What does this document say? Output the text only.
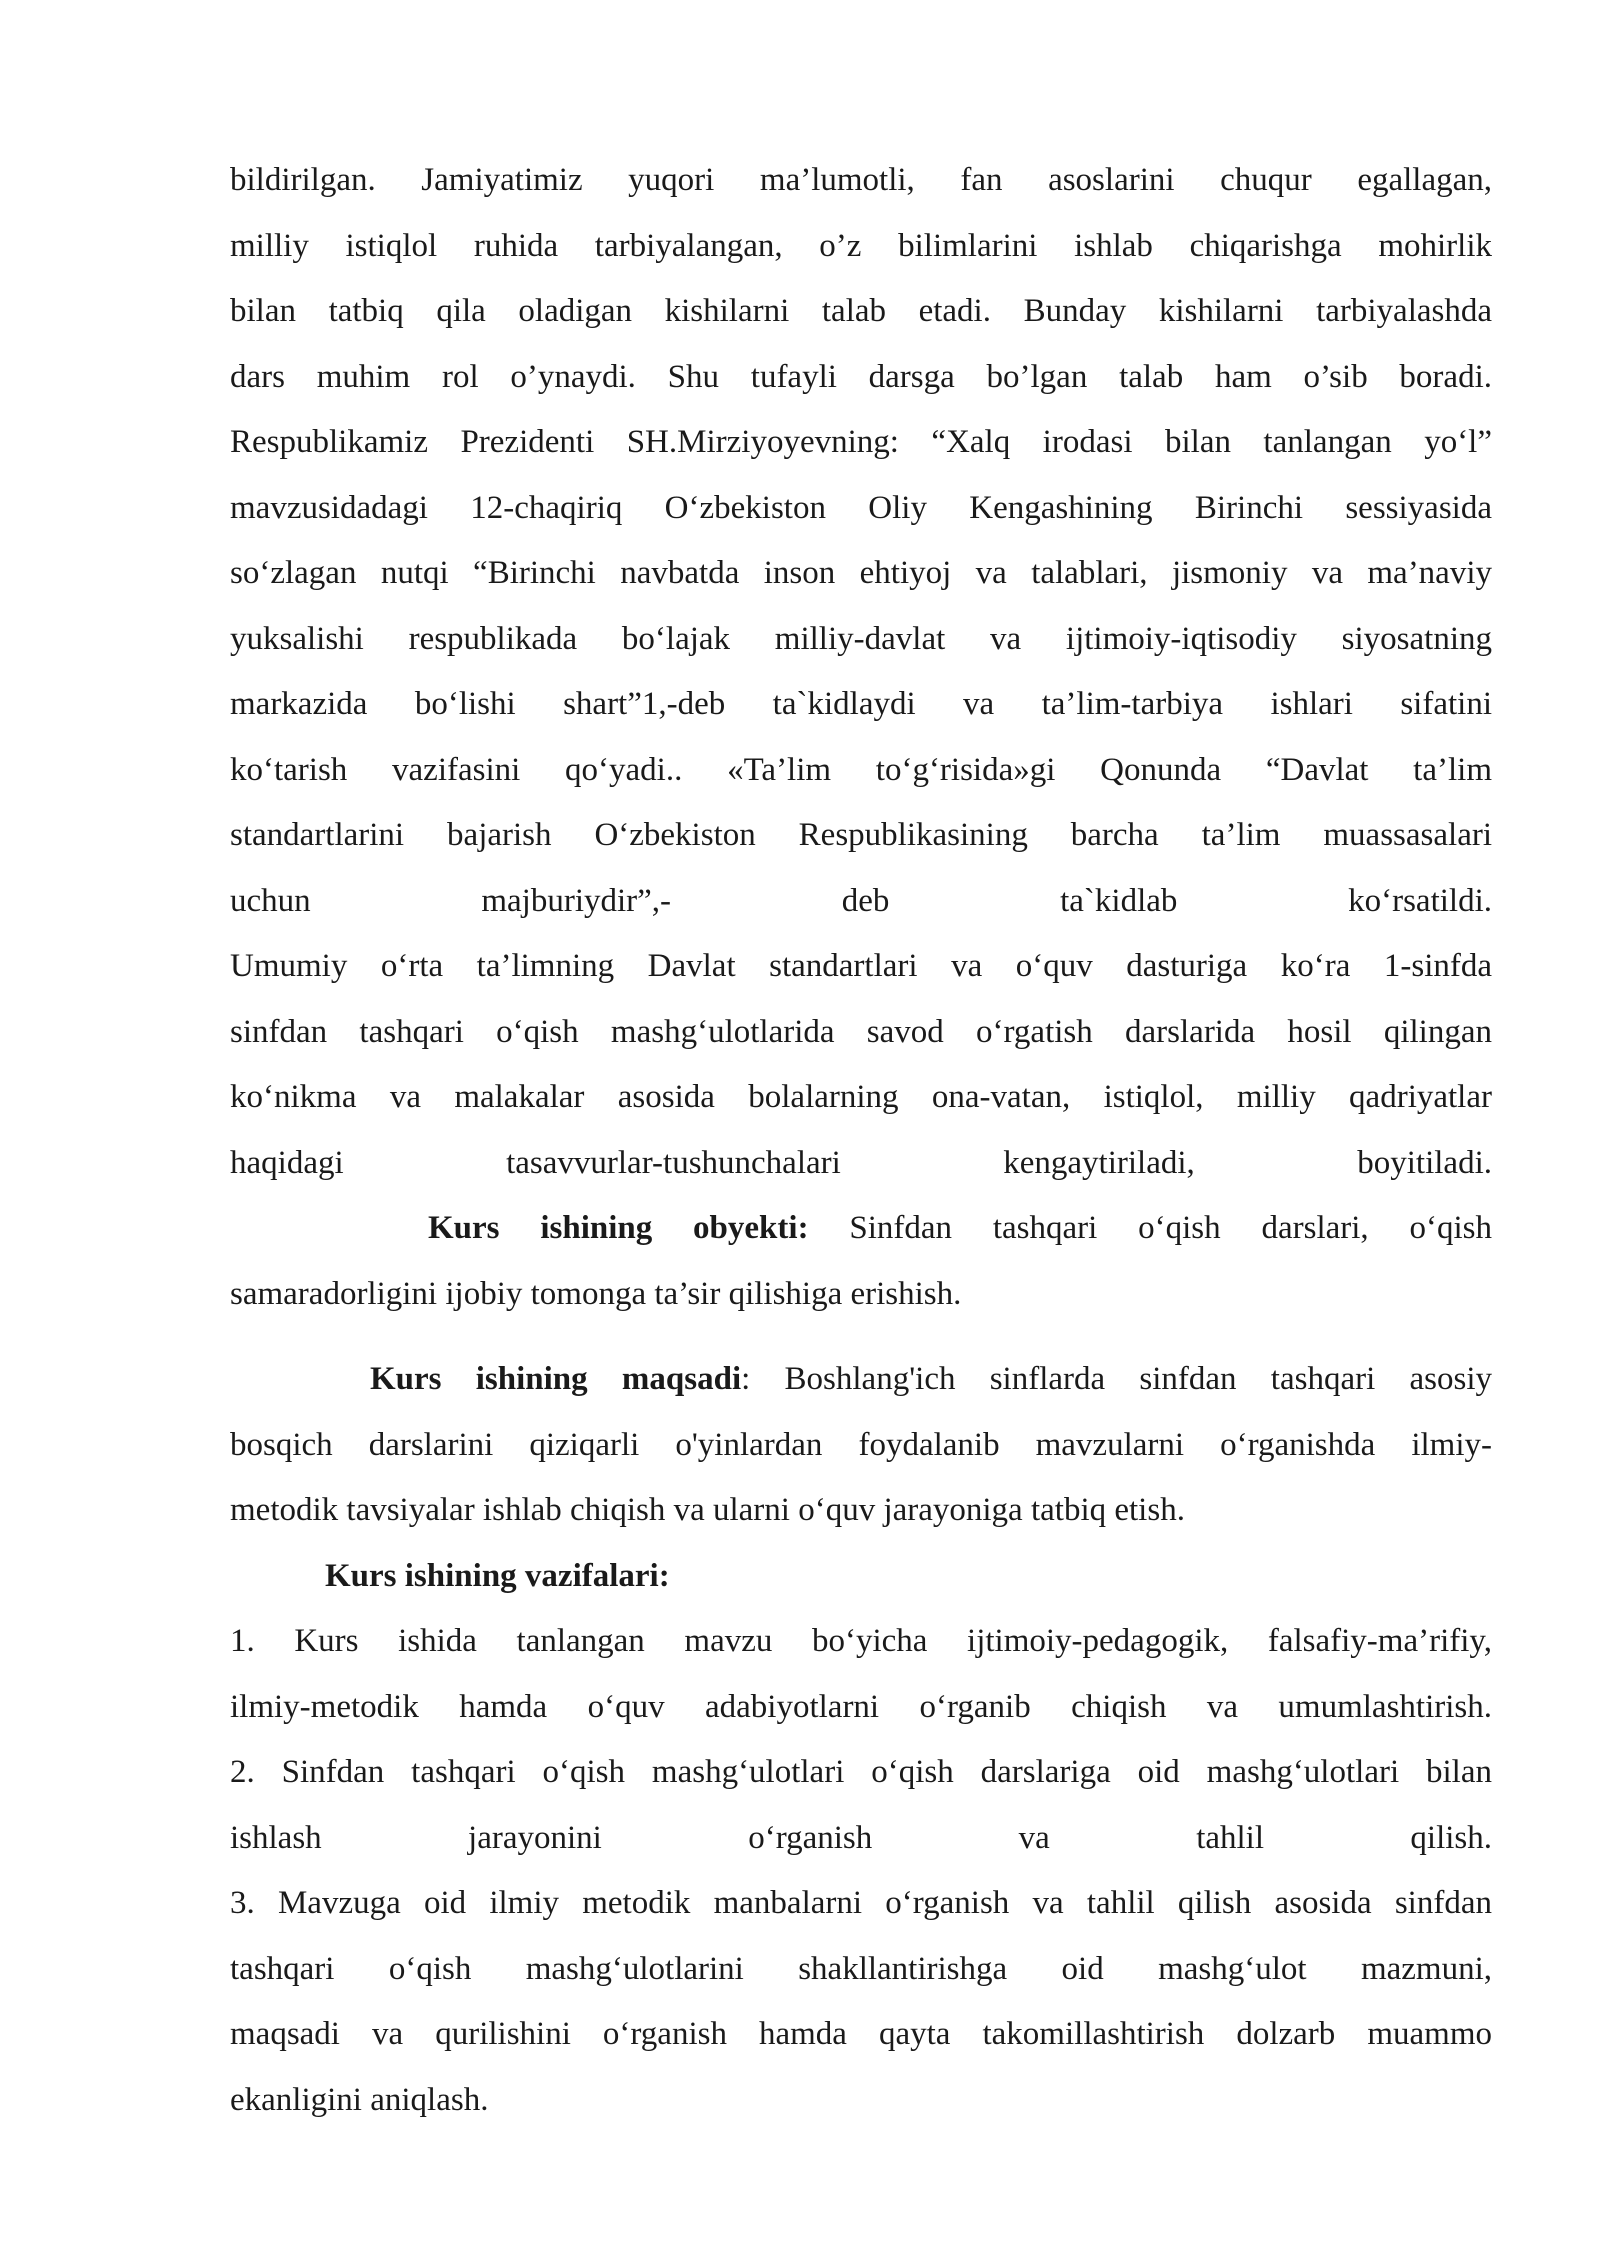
bildirilgan. Jamiyatimiz yuqori ma’lumotli, fan asoslarini chuqur egallagan,
milliy istiqlol ruhida tarbiyalangan, o’z bilimlarini ishlab chiqarishga mohirlik
bilan tatbiq qila oladigan kishilarni talab etadi. Bunday kishilarni tarbiyalashda
dars muhim rol o’ynaydi. Shu tufayli darsga bo’lgan talab ham o’sib boradi.
Respublikamiz Prezidenti SH.Mirziyoyevning: “Xalq irodasi bilan tanlangan yo‘l”
mavzusidadagi 12-chaqiriq O‘zbekiston Oliy Kengashining Birinchi sessiyasida
so‘zlagan nutqi “Birinchi navbatda inson ehtiyoj va talablari, jismoniy va ma’naviy
yuksalishi respublikada bo‘lajak milliy-davlat va ijtimoiy-iqtisodiy siyosatning
markazida bo‘lishi shart”1,-deb ta`kidlaydi va ta’lim-tarbiya ishlari sifatini
ko‘tarish vazifasini qo‘yadi.. «Ta’lim to‘g‘risida»gi Qonunda “Davlat ta’lim
standartlarini bajarish O‘zbekiston Respublikasining barcha ta’lim muassasalari
uchun majburiydir”,- deb ta`kidlab ko‘rsatildi.
Umumiy o‘rta ta’limning Davlat standartlari va o‘quv dasturiga ko‘ra 1-sinfda
sinfdan tashqari o‘qish mashg‘ulotlarida savod o‘rgatish darslarida hosil qilingan
ko‘nikma va malakalar asosida bolalarning ona-vatan, istiqlol, milliy qadriyatlar
haqidagi tasavvurlar-tushunchalari kengaytiriladi, boyitiladi.
Kurs ishining obyekti: Sinfdan tashqari o‘qish darslari, o‘qish
samaradorligini ijobiy tomonga ta’sir qilishiga erishish.
Kurs ishining maqsadi: Boshlang'ich sinflarda sinfdan tashqari asosiy
bosqich darslarini qiziqarli o'yinlardan foydalanib mavzularni o‘rganishda ilmiy-
metodik tavsiyalar ishlab chiqish va ularni o‘quv jarayoniga tatbiq etish.
Kurs ishining vazifalari:
1. Kurs ishida tanlangan mavzu bo‘yicha ijtimoiy-pedagogik, falsafiy-ma’rifiy,
ilmiy-metodik hamda o‘quv adabiyotlarni o‘rganib chiqish va umumlashtirish.
2. Sinfdan tashqari o‘qish mashg‘ulotlari o‘qish darslariga oid mashg‘ulotlari bilan
ishlash jarayonini o‘rganish va tahlil qilish.
3. Mavzuga oid ilmiy metodik manbalarni o‘rganish va tahlil qilish asosida sinfdan
tashqari o‘qish mashg‘ulotlarini shakllantirishga oid mashg‘ulot mazmuni,
maqsadi va qurilishini o‘rganish hamda qayta takomillashtirish dolzarb muammo
ekanligini aniqlash.
